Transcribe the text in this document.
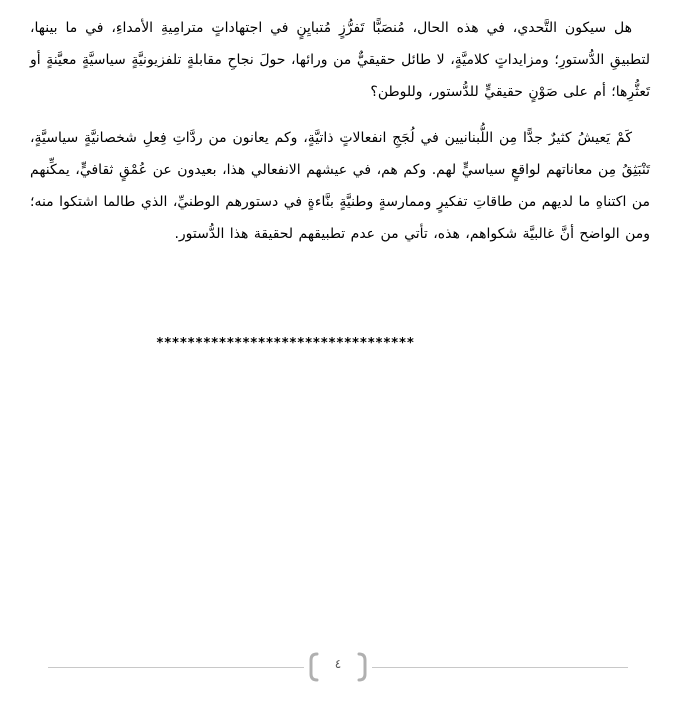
هل سيكون التَّحدي، في هذه الحال، مُنصَبًّا تَفرُّزٍ مُتبايِنٍ في اجتهاداتٍ مترامِيةِ الأمداءِ، في ما بينها، لتطبيقِ الدُّستورِ؛ ومزايداتٍ كلاميَّةٍ، لا طائل حقيقيٌّ من ورائها، حولَ نجاحِ مقابلةٍ تلفزيونيَّةٍ سياسيَّةٍ معيَّنةٍ أو تَعثُّرِها؛ أم على صَوْنٍ حقيقيٍّ للدُّستور، وللوطن؟

كَمْ يَعيشُ كثيرٌ جدًّا مِن اللُّبنانيين في لُجَجِ انفعالاتٍ ذاتيَّةٍ، وكم يعانون من ردَّاتِ فِعلِ شخصانيَّةٍ سياسيَّةٍ، تَنْبَثِقُ مِن معاناتهم لواقعٍ سياسيٍّ لهم. وكم هم، في عيشهم الانفعالي هذا، بعيدون عن عُمْقٍ ثقافيٍّ، يمكِّنهم من اكتناهِ ما لديهم من طاقاتِ تفكيرٍ وممارسةٍ وطنيَّةٍ بنَّاءةٍ في دستورهم الوطنيِّ، الذي طالما اشتكوا منه؛ ومن الواضح أنَّ غالبيَّة شكواهم، هذه، تأتي من عدم تطبيقهم لحقيقة هذا الدُّستور.

*********************************
٤
